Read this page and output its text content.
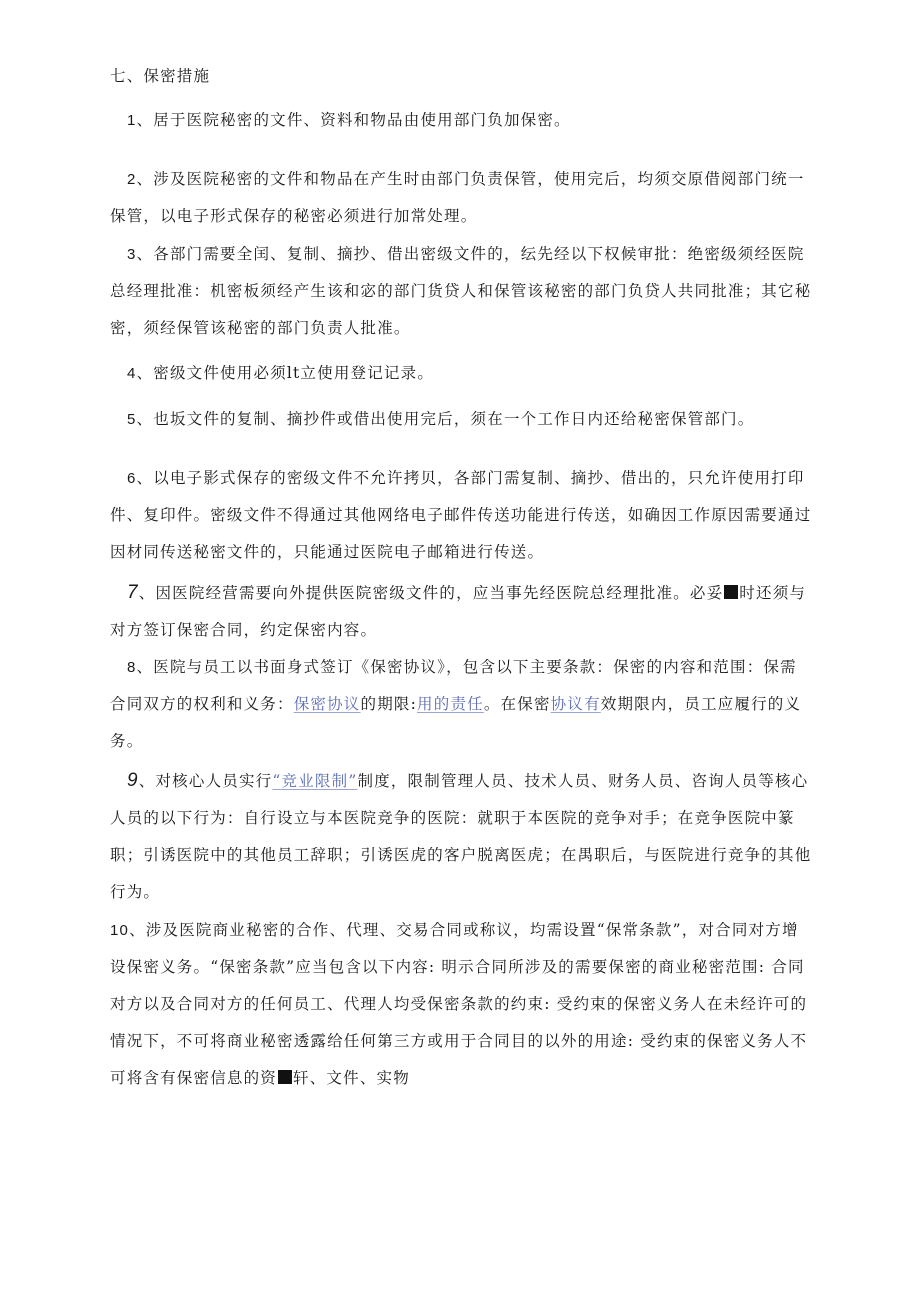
七、保密措施

1、居于医院秘密的文件、资料和物品由使用部门负加保密。

2、涉及医院秘密的文件和物品在产生时由部门负责保管，使用完后，均须交原借阅部门统一保管，以电子形式保存的秘密必须进行加常处理。

3、各部门需要全闰、复制、摘抄、借出密级文件的，纭先经以下权候审批：绝密级须经医院总经理批准：机密板须经产生该和宓的部门货贷人和保管该秘密的部门负贷人共同批准；其它秘密，须经保管该秘密的部门负责人批准。

4、密级文件使用必须lt立使用登记记录。

5、也坂文件的复制、摘抄件或借出使用完后，须在一个工作日内还给秘密保管部门。

6、以电子影式保存的密级文件不允许拷贝，各部门需复制、摘抄、借出的，只允许使用打印件、复印件。密级文件不得通过其他网络电子邮件传送功能进行传送，如确因工作原因需要通过因材同传送秘密文件的，只能通过医院电子邮箱进行传送。

7、因医院经营需要向外提供医院密级文件的，应当事先经医院总经理批准。必妥 时还须与对方签订保密合同，约定保密内容。

8、医院与员工以书面身式签订《保密协议》，包含以下主要条款：保密的内容和范围：保需合同双方的权利和义务：保密协议的期限:用的责任。在保密协议有效期限内，员工应履行的义务。

9、对核心人员实行“竞业限制”制度，限制管理人员、技术人员、财务人员、咨询人员等核心人员的以下行为：自行设立与本医院竞争的医院：就职于本医院的竞争对手；在竞争医院中篆职；引诱医院中的其他员工辞职；引诱医虎的客户脱离医虎；在禺职后，与医院进行竞争的其他行为。

10、涉及医院商业秘密的合作、代理、交易合同或称议，均需设置“保常条款”，对合同对方增设保密义务。“保密条款”应当包含以下内容: 明示合同所涉及的需要保密的商业秘密范围: 合同对方以及合同对方的任何员工、代理人均受保密条款的约束: 受约束的保密义务人在未经许可的情况下，不可将商业秘密透露给任何第三方或用于合同目的以外的用途: 受约束的保密义务人不可将含有保密信息的资 轩、文件、实物
